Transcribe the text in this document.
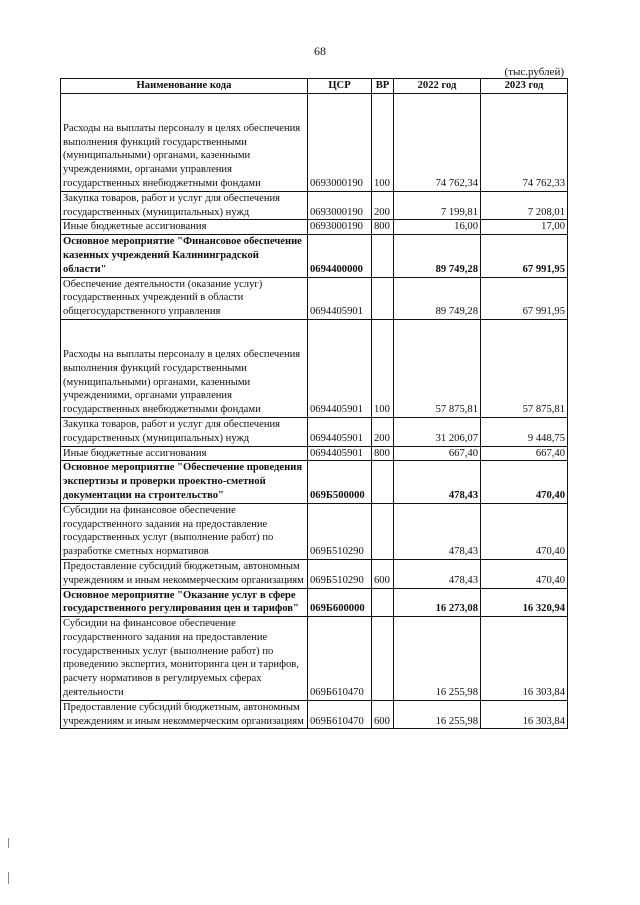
68
(тыс.рублей)
Наименование кода	ЦСР	ВР	2022 год	2023 год
Расходы на выплаты персоналу в целях обеспечения выполнения функций государственными (муниципальными) органами, казенными учреждениями, органами управления государственных внебюджетными фондами	0693000190	100	74 762,34	74 762,33
Закупка товаров, работ и услуг для обеспечения государственных (муниципальных) нужд	0693000190	200	7 199,81	7 208,01
Иные бюджетные ассигнования	0693000190	800	16,00	17,00
Основное мероприятие "Финансовое обеспечение казенных учреждений Калининградской области"	0694400000		89 749,28	67 991,95
Обеспечение деятельности (оказание услуг) государственных учреждений в области общегосударственного управления	0694405901		89 749,28	67 991,95
Расходы на выплаты персоналу в целях обеспечения выполнения функций государственными (муниципальными) органами, казенными учреждениями, органами управления государственных внебюджетными фондами	0694405901	100	57 875,81	57 875,81
Закупка товаров, работ и услуг для обеспечения государственных (муниципальных) нужд	0694405901	200	31 206,07	9 448,75
Иные бюджетные ассигнования	0694405901	800	667,40	667,40
Основное мероприятие "Обеспечение проведения экспертизы и проверки проектно-сметной документации на строительство"	069Б500000		478,43	470,40
Субсидии на финансовое обеспечение государственного задания на предоставление государственных услуг (выполнение работ) по разработке сметных нормативов	069Б510290		478,43	470,40
Предоставление субсидий бюджетным, автономным учреждениям и иным некоммерческим организациям	069Б510290	600	478,43	470,40
Основное мероприятие "Оказание услуг в сфере государственного регулирования цен и тарифов"	069Б600000		16 273,08	16 320,94
Субсидии на финансовое обеспечение государственного задания на предоставление государственных услуг (выполнение работ) по проведению экспертиз, мониторинга цен и тарифов, расчету нормативов в регулируемых сферах деятельности	069Б610470		16 255,98	16 303,84
Предоставление субсидий бюджетным, автономным учреждениям и иным некоммерческим организациям	069Б610470	600	16 255,98	16 303,84
